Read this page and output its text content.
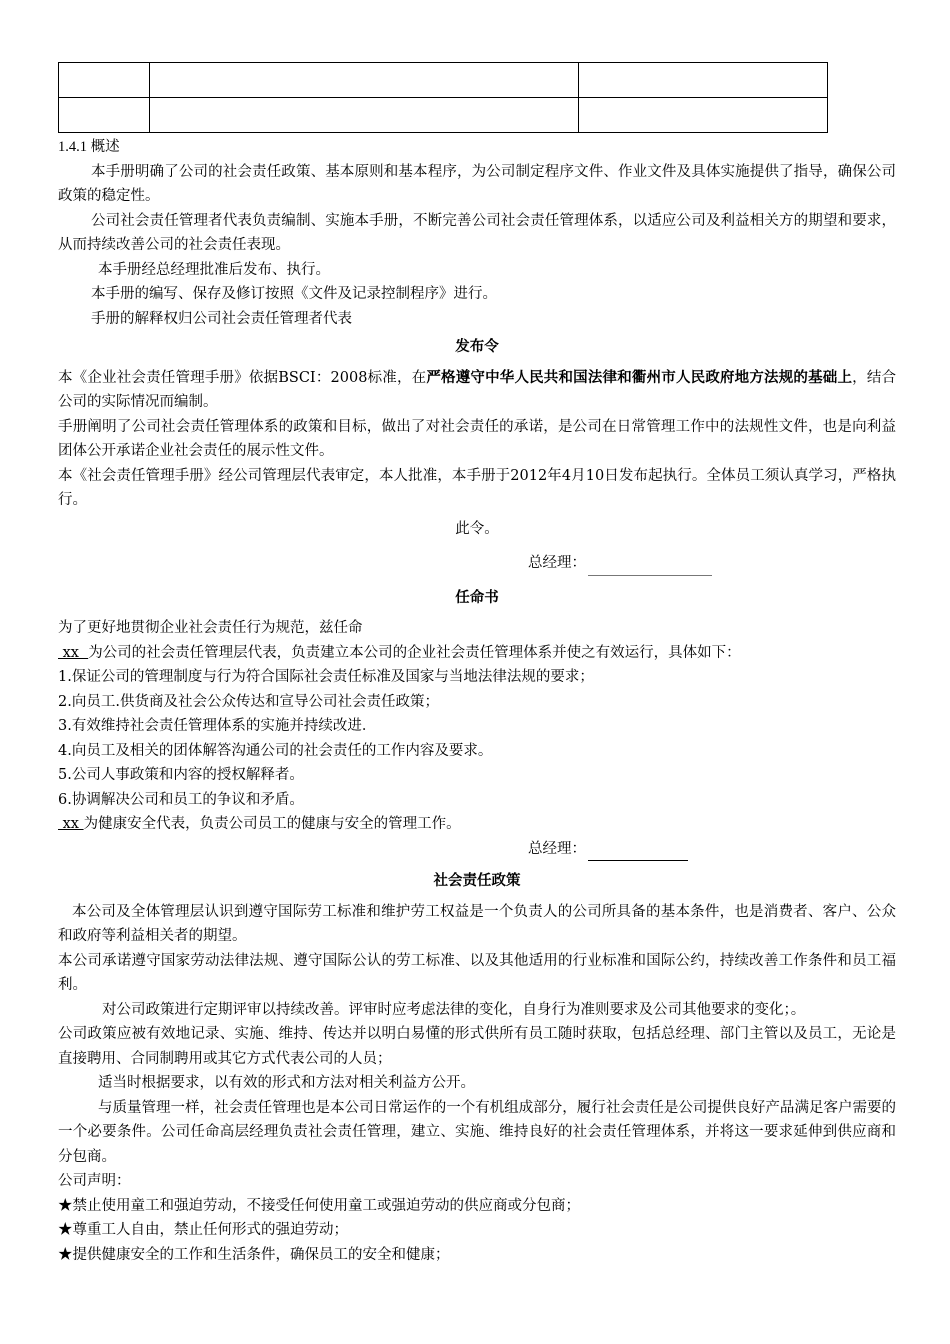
1.4.1 概述
本手册明确了公司的社会责任政策、基本原则和基本程序，为公司制定程序文件、作业文件及具体实施提供了指导，确保公司政策的稳定性。
公司社会责任管理者代表负责编制、实施本手册，不断完善公司社会责任管理体系，以适应公司及利益相关方的期望和要求，从而持续改善公司的社会责任表现。
本手册经总经理批准后发布、执行。
本手册的编写、保存及修订按照《文件及记录控制程序》进行。
手册的解释权归公司社会责任管理者代表
发布令
本《企业社会责任管理手册》依据BSCI：2008标准，在严格遵守中华人民共和国法律和衢州市人民政府地方法规的基础上，结合公司的实际情况而编制。
手册阐明了公司社会责任管理体系的政策和目标，做出了对社会责任的承诺，是公司在日常管理工作中的法规性文件，也是向利益团体公开承诺企业社会责任的展示性文件。
本《社会责任管理手册》经公司管理层代表审定，本人批准，本手册于2012年4月10日发布起执行。全体员工须认真学习，严格执行。
此令。
总经理：
任命书
为了更好地贯彻企业社会责任行为规范，兹任命
xx  为公司的社会责任管理层代表，负责建立本公司的企业社会责任管理体系并使之有效运行，具体如下：
1.保证公司的管理制度与行为符合国际社会责任标准及国家与当地法律法规的要求；
2.向员工.供货商及社会公众传达和宣导公司社会责任政策；
3.有效维持社会责任管理体系的实施并持续改进．
4.向员工及相关的团体解答沟通公司的社会责任的工作内容及要求。
5.公司人事政策和内容的授权解释者。
6.协调解决公司和员工的争议和矛盾。
xx 为健康安全代表，负责公司员工的健康与安全的管理工作。
总经理：
社会责任政策
本公司及全体管理层认识到遵守国际劳工标准和维护劳工权益是一个负责人的公司所具备的基本条件，也是消费者、客户、公众和政府等利益相关者的期望。
本公司承诺遵守国家劳动法律法规、遵守国际公认的劳工标准、以及其他适用的行业标准和国际公约，持续改善工作条件和员工福利。
对公司政策进行定期评审以持续改善。评审时应考虑法律的变化，自身行为准则要求及公司其他要求的变化；。
公司政策应被有效地记录、实施、维持、传达并以明白易懂的形式供所有员工随时获取，包括总经理、部门主管以及员工，无论是直接聘用、合同制聘用或其它方式代表公司的人员；
适当时根据要求，以有效的形式和方法对相关利益方公开。
与质量管理一样，社会责任管理也是本公司日常运作的一个有机组成部分，履行社会责任是公司提供良好产品满足客户需要的一个必要条件。公司任命高层经理负责社会责任管理，建立、实施、维持良好的社会责任管理体系，并将这一要求延伸到供应商和分包商。
公司声明：
★禁止使用童工和强迫劳动，不接受任何使用童工或强迫劳动的供应商或分包商；
★尊重工人自由，禁止任何形式的强迫劳动；
★提供健康安全的工作和生活条件，确保员工的安全和健康；
